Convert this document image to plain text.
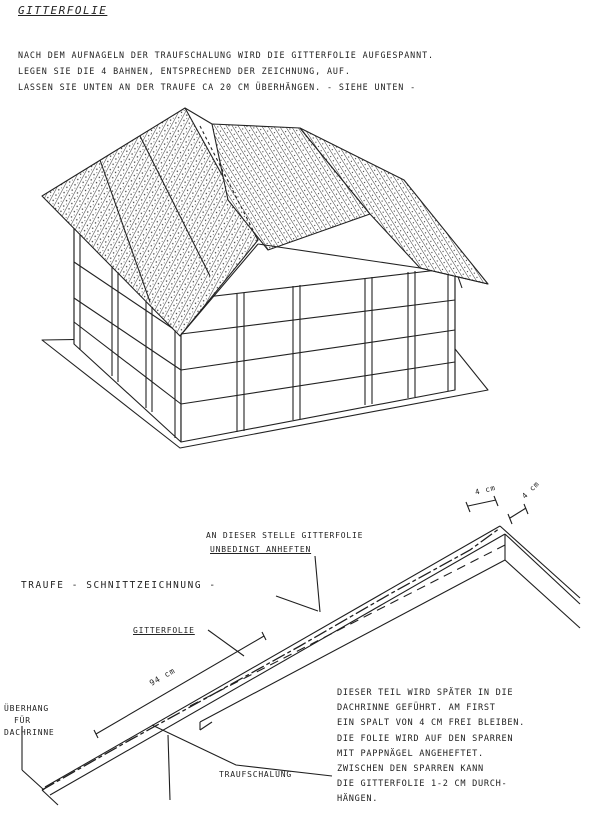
GITTERFOLIE
NACH DEM AUFNAGELN DER TRAUFSCHALUNG WIRD DIE GITTERFOLIE AUFGESPANNT.
LEGEN SIE DIE 4 BAHNEN, ENTSPRECHEND DER ZEICHNUNG, AUF.
LASSEN SIE UNTEN AN DER TRAUFE CA 20 CM ÜBERHÄNGEN. - SIEHE UNTEN -
TRAUFE - SCHNITTZEICHNUNG -
AN DIESER STELLE GITTERFOLIE
UNBEDINGT ANHEFTEN
GITTERFOLIE
94 cm
ÜBERHANG
FÜR
DACHRINNE
TRAUFSCHALUNG
4 cm	4 cm
DIESER TEIL WIRD SPÄTER IN DIE
DACHRINNE GEFÜHRT. AM FIRST
EIN SPALT VON 4 CM FREI BLEIBEN.
DIE FOLIE WIRD AUF DEN SPARREN
MIT PAPPNÄGEL ANGEHEFTET.
ZWISCHEN DEN SPARREN KANN
DIE GITTERFOLIE 1-2 CM DURCH-
HÄNGEN.
